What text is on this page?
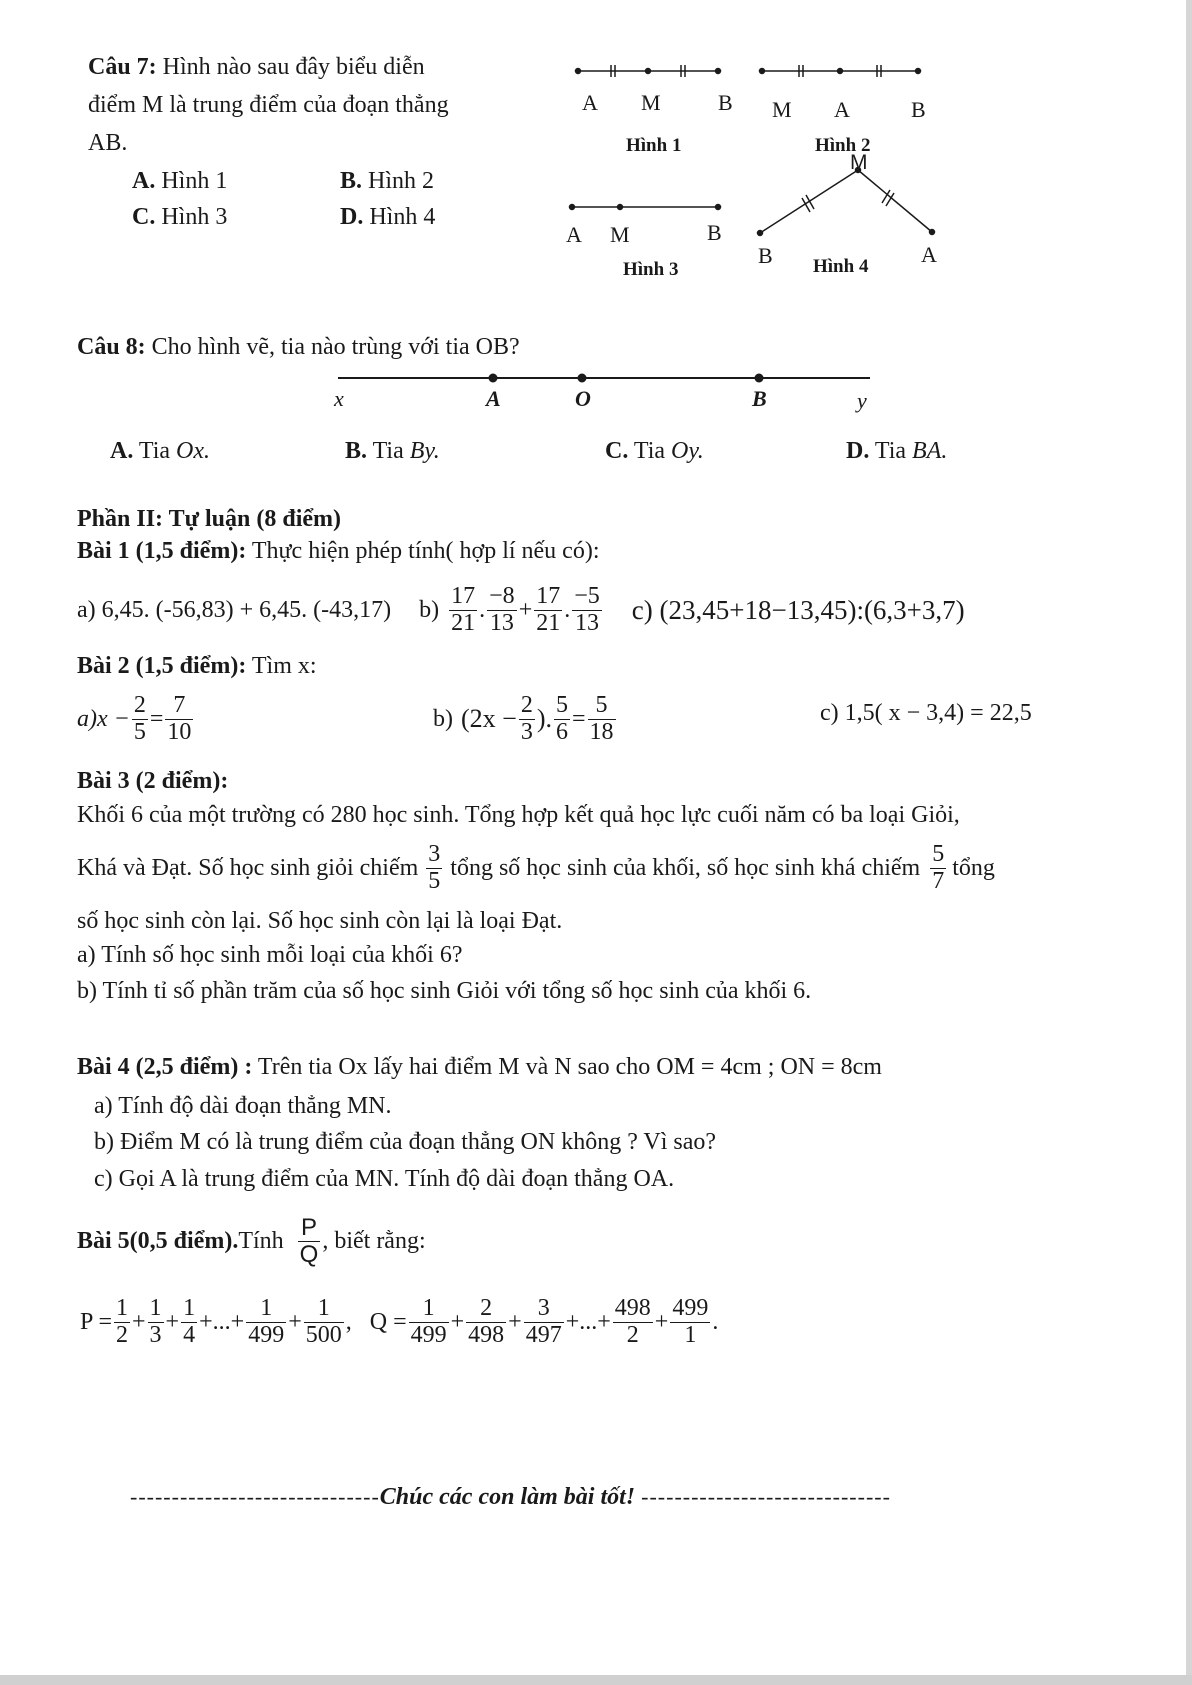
Câu 7: Hình nào sau đây biểu diễn
điểm M là trung điểm của đoạn thẳng
AB.
A. Hình 1	B. Hình 2
C. Hình 3	D. Hình 4
A M	B
Hình 1
M A	B
Hình 2
A M	B
Hình 3
M
B	A
Hình 4
Câu 8: Cho hình vẽ, tia nào trùng với tia OB?
x	A	O	B	y
A. Tia Ox.	B. Tia By.	C. Tia Oy.	D. Tia BA.
Phần II: Tự luận (8 điểm)
Bài 1 (1,5 điểm): Thực hiện phép tính( hợp lí nếu có):
a) 6,45. (-56,83) + 6,45. (-43,17) $b) \frac{17}{21}$ . $\frac{-8}{13} + \frac{17}{21}$ . $\frac{-5}{13} c$) (23,45+18−13,45):(6,3+3,7)
Bài 2 (1,5 điểm): Tìm x:
$a)x - \frac{2}{5} = \frac{7}{10}$	b) ($2x - \frac{2}{3}$ ). $\frac{5}{6} = \frac{5}{18}$	c) 1,5( x − 3,4) = 22,5
Bài 3 (2 điểm):
Khối 6 của một trường có 280 học sinh. Tổng hợp kết quả học lực cuối năm có ba loại Giỏi,
Khá và Đạt. Số học sinh giỏi chiếm $\frac{3}{5}$ tổng số học sinh của khối, số học sinh khá chiếm $\frac{5}{7}$ tổng
số học sinh còn lại. Số học sinh còn lại là loại Đạt.
a) Tính số học sinh mỗi loại của khối 6?
b) Tính tỉ số phần trăm của số học sinh Giỏi với tổng số học sinh của khối 6.
Bài 4 (2,5 điểm) : Trên tia Ox lấy hai điểm M và N sao cho OM = 4cm ; ON = 8cm
a) Tính độ dài đoạn thẳng MN.
b) Điểm M có là trung điểm của đoạn thẳng ON không ? Vì sao?
c) Gọi A là trung điểm của MN. Tính độ dài đoạn thẳng OA.
Bài 5(0,5 điểm). Tính $\frac{P}{Q}$ , biết rằng:
$P = \frac{1}{2} + \frac{1}{3} + \frac{1}{4}$ + ... + $\frac{1}{499} + \frac{1}{500}$ , $Q = \frac{1}{499} + \frac{2}{498} + \frac{3}{497}$ + ... + $\frac{498}{2} + \frac{499}{1}$ .
------------------------------Chúc các con làm bài tốt! ------------------------------
